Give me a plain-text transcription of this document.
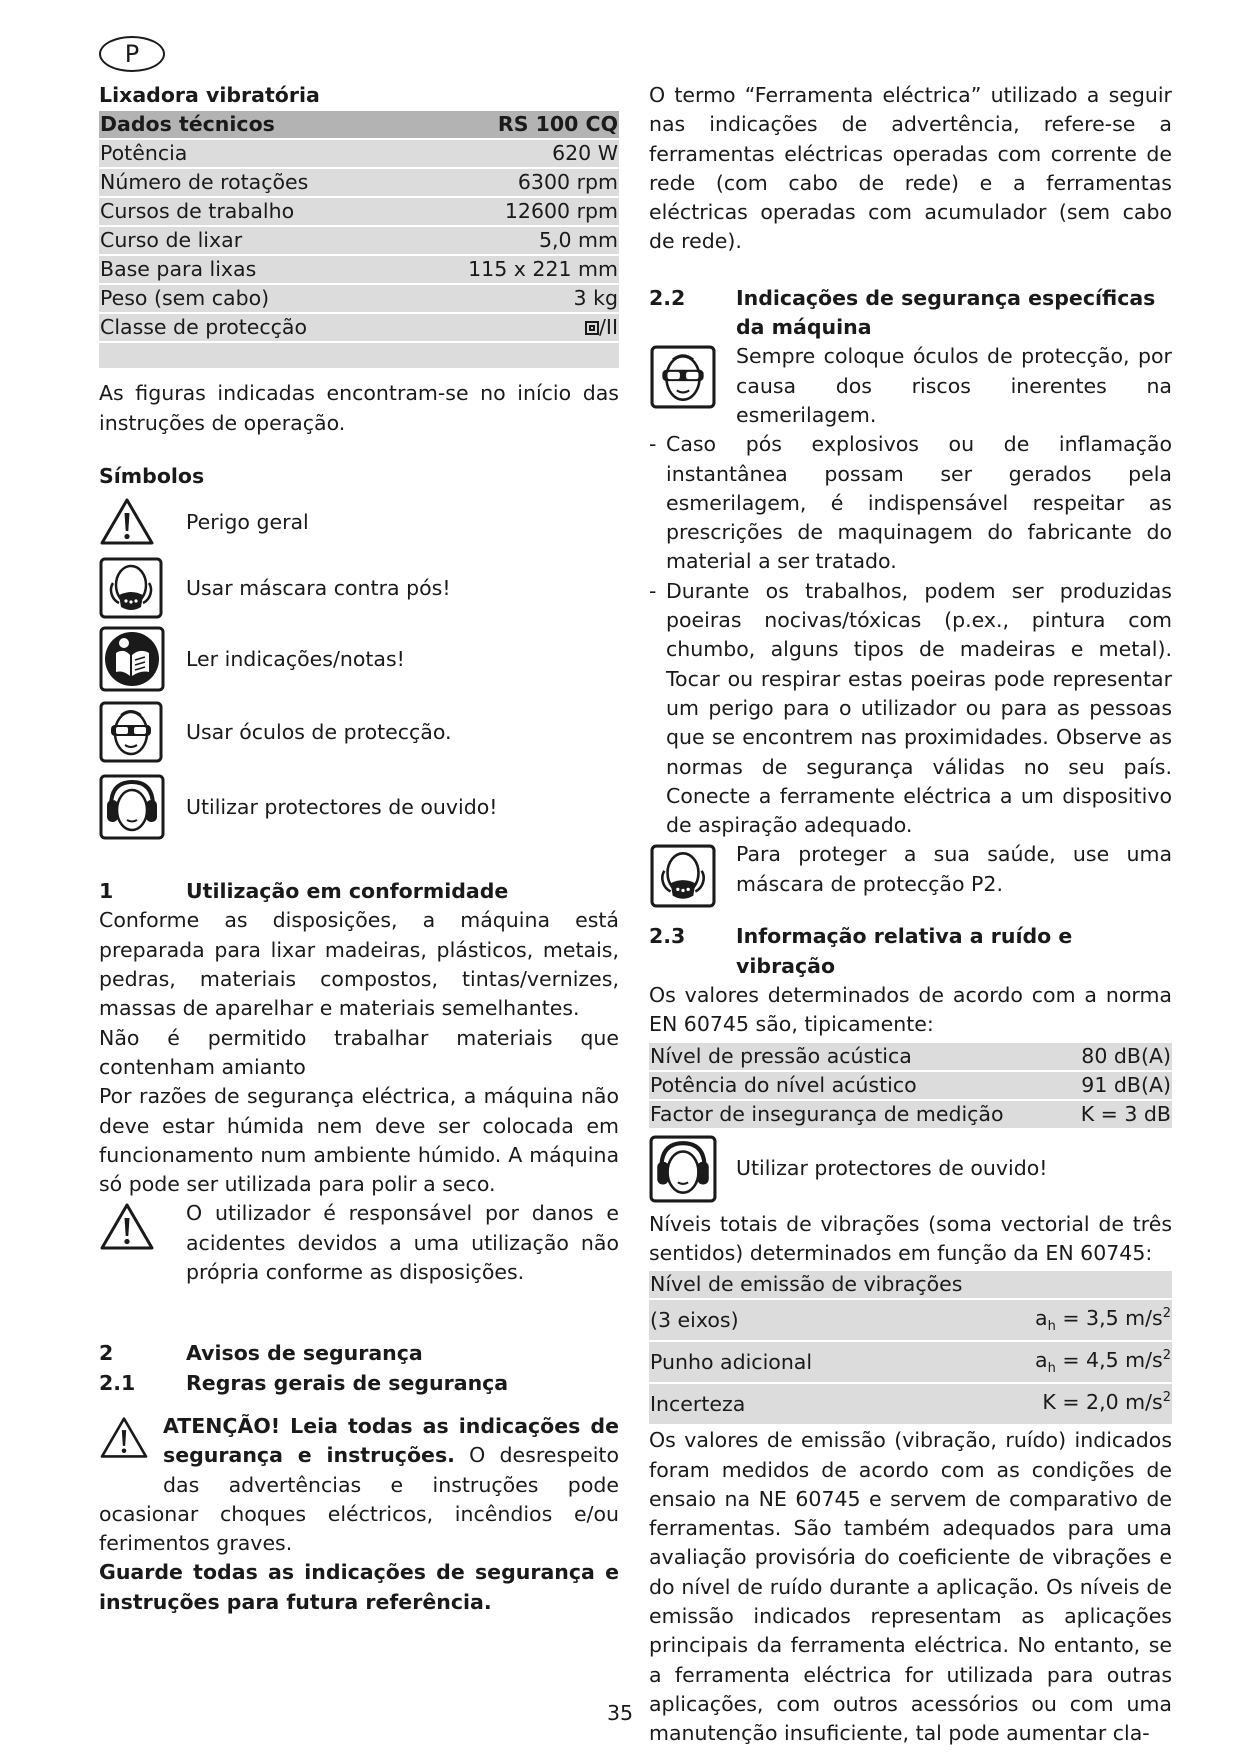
P
Lixadora vibratória
Dados técnicos	RS 100 CQ
Potência	620 W
Número de rotações	6300 rpm
Cursos de trabalho	12600 rpm
Curso de lixar	5,0 mm
Base para lixas	115 x 221 mm
Peso (sem cabo)	3 kg
Classe de protecção	/II

As figuras indicadas encontram-se no início das instruções de operação.
Símbolos
Perigo geral
Usar máscara contra pós!
Ler indicações/notas!
Usar óculos de protecção.
Utilizar protectores de ouvido!
1	Utilização em conformidade
Conforme as disposições, a máquina está preparada para lixar madeiras, plásticos, metais, pedras, materiais compostos, tintas/vernizes, massas de aparelhar e materiais semelhantes.
Não é permitido trabalhar materiais que contenham amianto
Por razões de segurança eléctrica, a máquina não deve estar húmida nem deve ser colocada em funcionamento num ambiente húmido. A máquina só pode ser utilizada para polir a seco.
O utilizador é responsável por danos e acidentes devidos a uma utilização não própria conforme as disposições.
2	Avisos de segurança
2.1	Regras gerais de segurança
ATENÇÃO! Leia todas as indicações de segurança e instruções. O desrespeito das advertências e instruções pode ocasionar choques eléctricos, incêndios e/ou ferimentos graves.
Guarde todas as indicações de segurança e instruções para futura referência.
O termo “Ferramenta eléctrica” utilizado a seguir nas indicações de advertência, refere-se a ferramentas eléctricas operadas com corrente de rede (com cabo de rede) e a ferramentas eléctricas operadas com acumulador (sem cabo de rede).
2.2	Indicações de segurança específicas da máquina
Sempre coloque óculos de protecção, por causa dos riscos inerentes na esmerilagem.
- Caso pós explosivos ou de inflamação instantânea possam ser gerados pela esmerilagem, é indispensável respeitar as prescrições de maquinagem do fabricante do material a ser tratado.
- Durante os trabalhos, podem ser produzidas poeiras nocivas/tóxicas (p.ex., pintura com chumbo, alguns tipos de madeiras e metal). Tocar ou respirar estas poeiras pode representar um perigo para o utilizador ou para as pessoas que se encontrem nas proximidades. Observe as normas de segurança válidas no seu país. Conecte a ferramente eléctrica a um dispositivo de aspiração adequado.
Para proteger a sua saúde, use uma máscara de protecção P2.
2.3	Informação relativa a ruído e vibração
Os valores determinados de acordo com a norma EN 60745 são, tipicamente:
Nível de pressão acústica	80 dB(A)
Potência do nível acústico	91 dB(A)
Factor de insegurança de medição	K = 3 dB
Utilizar protectores de ouvido!
Níveis totais de vibrações (soma vectorial de três sentidos) determinados em função da EN 60745:
Nível de emissão de vibrações	
(3 eixos)	$a_h = 3,5$ $m/s^2$
Punho adicional	$a_h = 4,5$ $m/s^2$
Incerteza	K = 2,0 $m/s^2$
Os valores de emissão (vibração, ruído) indicados foram medidos de acordo com as condições de ensaio na NE 60745 e servem de comparativo de ferramentas. São também adequados para uma avaliação provisória do coeficiente de vibrações e do nível de ruído durante a aplicação. Os níveis de emissão indicados representam as aplicações principais da ferramenta eléctrica. No entanto, se a ferramenta eléctrica for utilizada para outras aplicações, com outros acessórios ou com uma manutenção insuficiente, tal pode aumentar cla-
35
